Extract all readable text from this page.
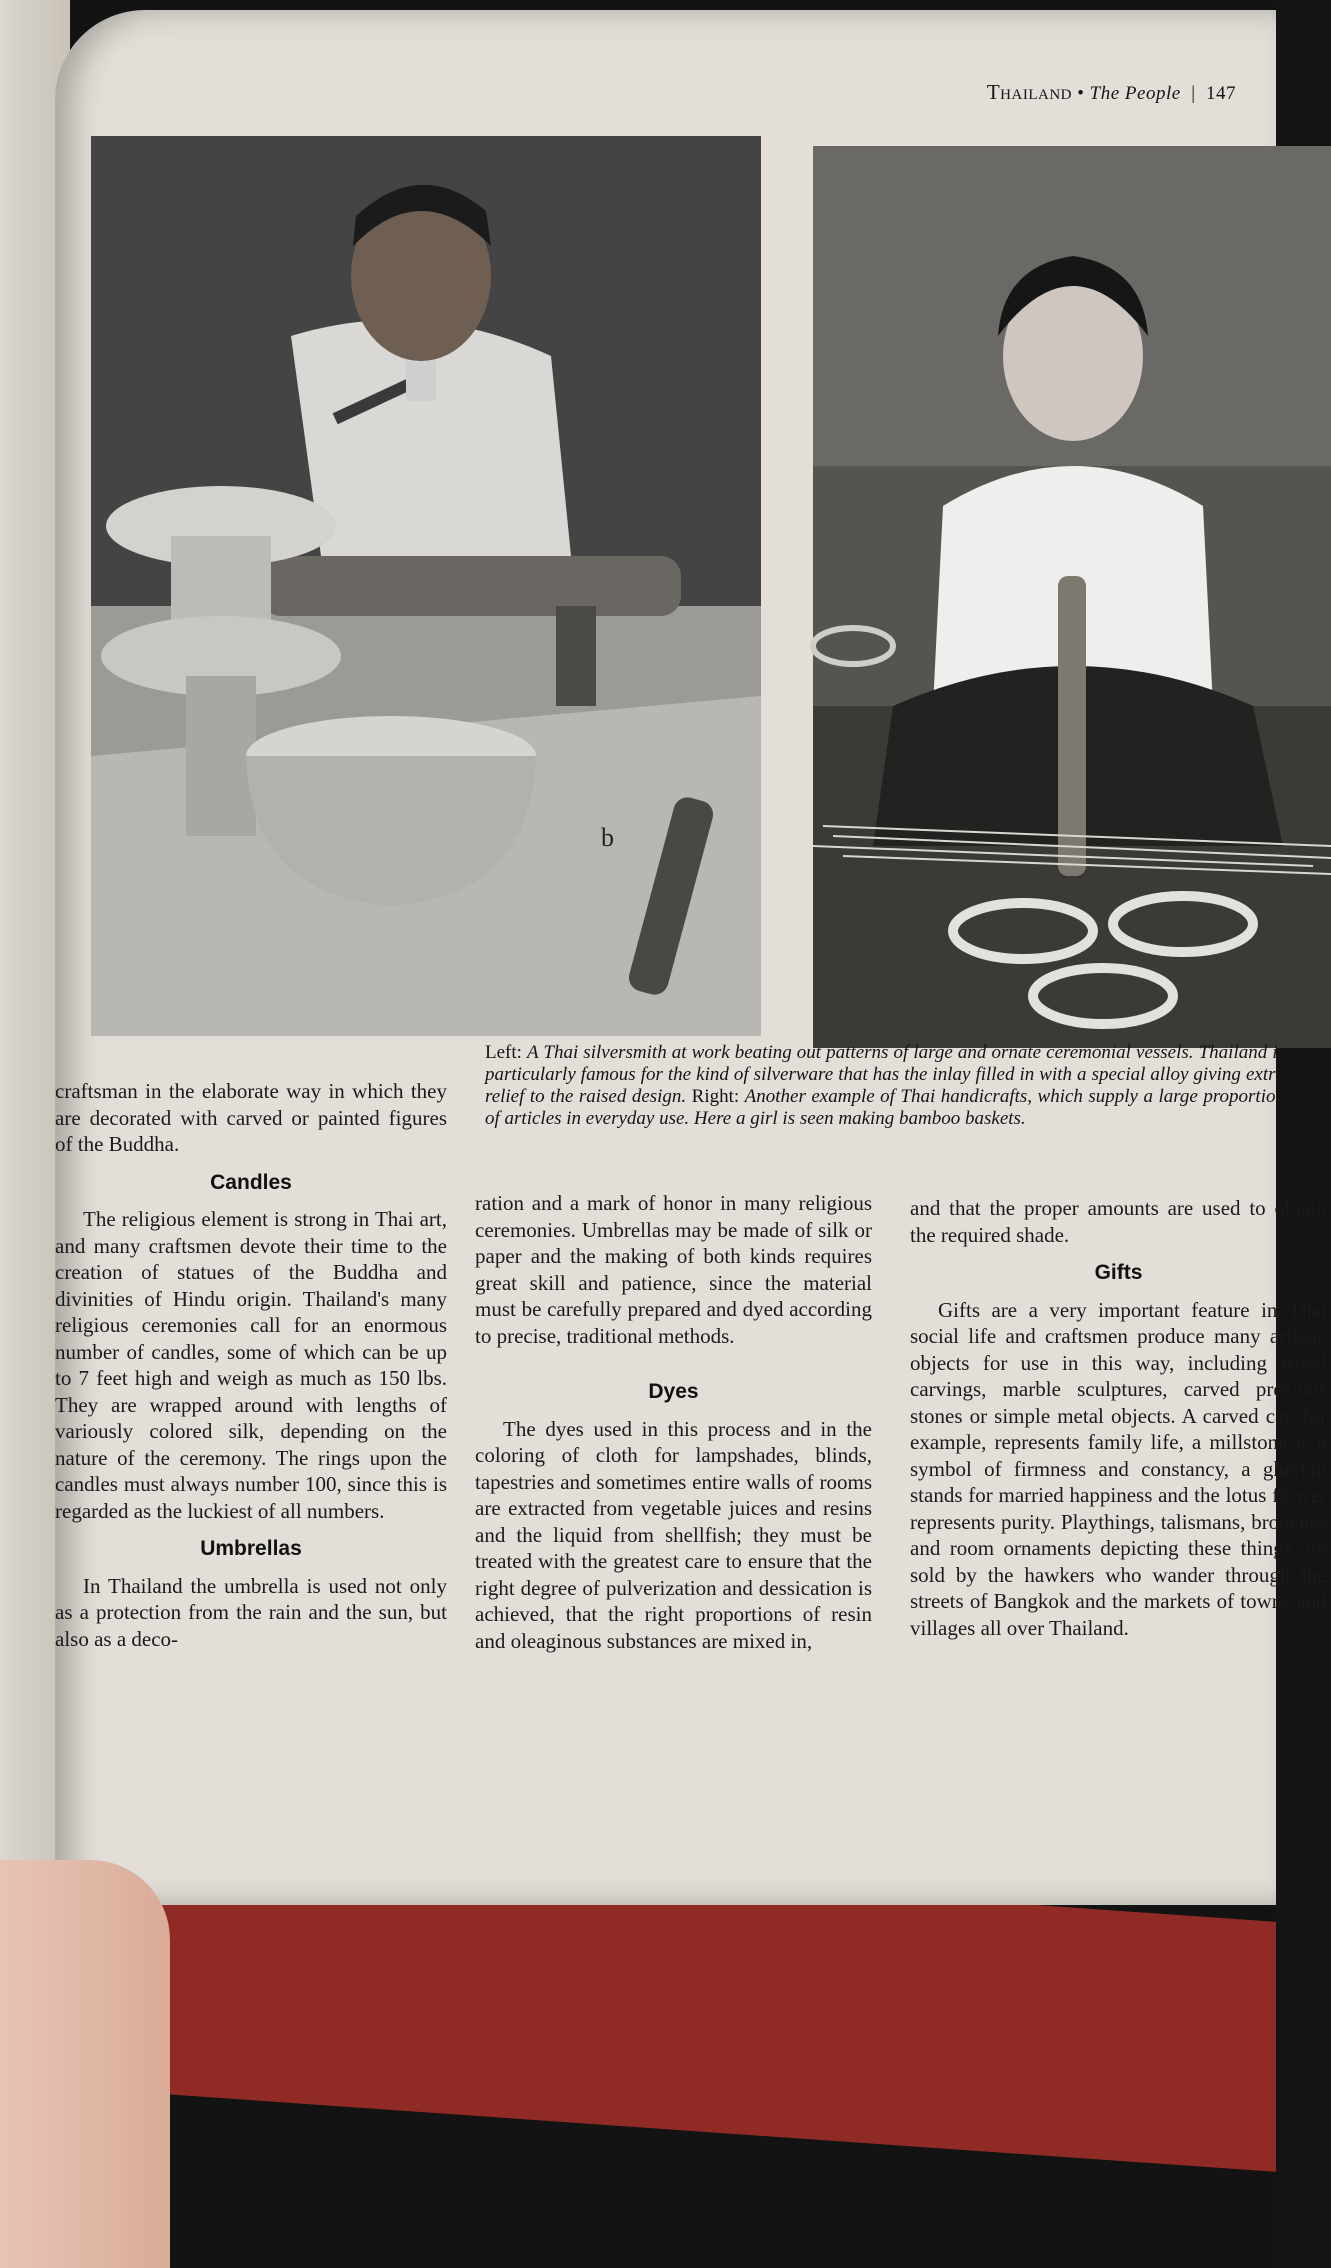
Thailand • The People | 147
b
Left: A Thai silversmith at work beating out patterns of large and ornate ceremonial vessels. Thailand is particularly famous for the kind of silverware that has the inlay filled in with a special alloy giving extra relief to the raised design. Right: Another example of Thai handicrafts, which supply a large proportion of articles in everyday use. Here a girl is seen making bamboo baskets.

craftsman in the elaborate way in which they are decorated with carved or painted figures of the Buddha.

Candles

The religious element is strong in Thai art, and many craftsmen devote their time to the creation of statues of the Buddha and divinities of Hindu origin. Thailand's many religious ceremonies call for an enormous number of candles, some of which can be up to 7 feet high and weigh as much as 150 lbs. They are wrapped around with lengths of variously colored silk, depending on the nature of the ceremony. The rings upon the candles must always number 100, since this is regarded as the luckiest of all numbers.

Umbrellas

In Thailand the umbrella is used not only as a protection from the rain and the sun, but also as a deco-

ration and a mark of honor in many religious ceremonies. Umbrellas may be made of silk or paper and the making of both kinds requires great skill and patience, since the material must be carefully prepared and dyed according to precise, traditional methods.

Dyes

The dyes used in this process and in the coloring of cloth for lampshades, blinds, tapestries and sometimes entire walls of rooms are extracted from vegetable juices and resins and the liquid from shellfish; they must be treated with the greatest care to ensure that the right degree of pulverization and dessication is achieved, that the right proportions of resin and oleaginous substances are mixed in,

and that the proper amounts are used to obtain the required shade.

Gifts

Gifts are a very important feature in Thai social life and craftsmen produce many artistic objects for use in this way, including wood carvings, marble sculptures, carved precious stones or simple metal objects. A carved cat, for example, represents family life, a millstone is a symbol of firmness and constancy, a gherkin stands for married happiness and the lotus flower represents purity. Playthings, talismans, brooches and room ornaments depicting these things are sold by the hawkers who wander through the streets of Bangkok and the markets of towns and villages all over Thailand.
